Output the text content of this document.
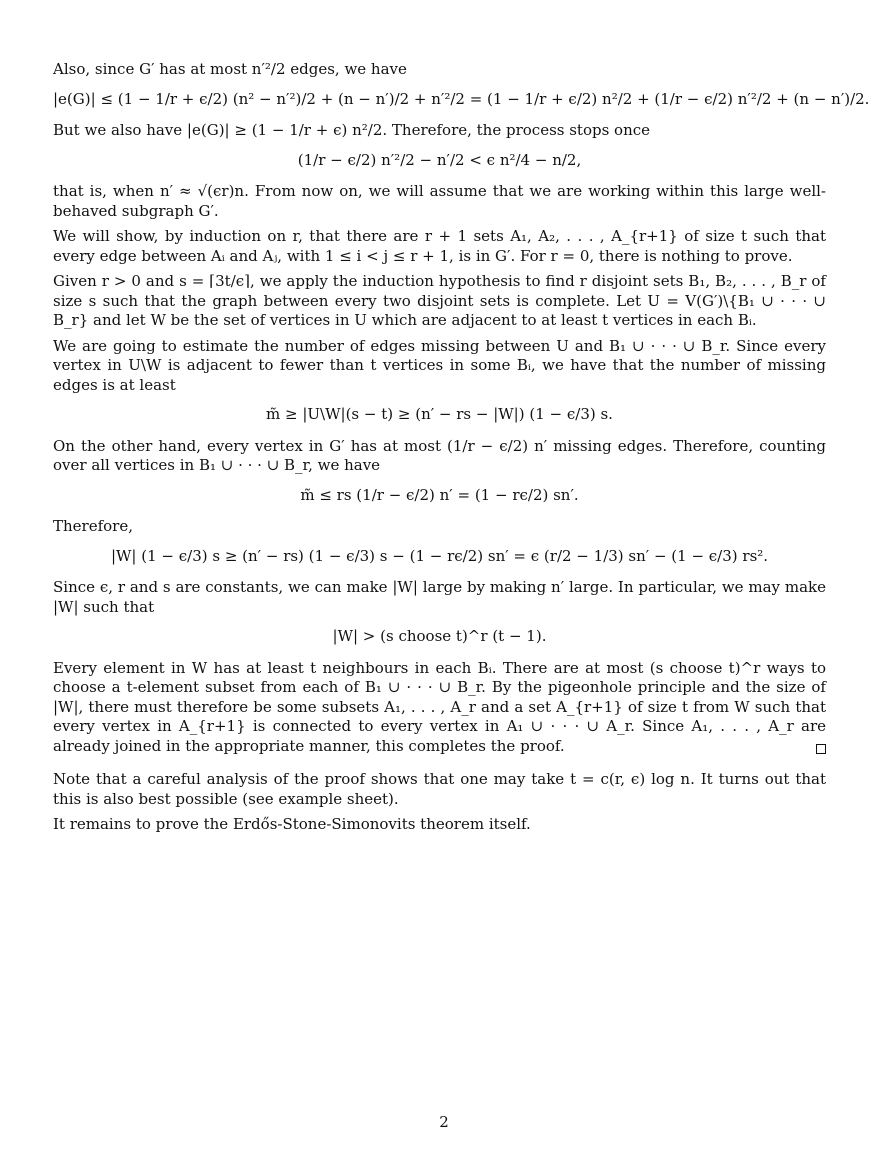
Also, since G′ has at most n′²/2 edges, we have

|e(G)| ≤ (1 − 1/r + ϵ/2) (n² − n′²)/2 + (n − n′)/2 + n′²/2 = (1 − 1/r + ϵ/2) n²/2 + (1/r − ϵ/2) n′²/2 + (n − n′)/2.

But we also have |e(G)| ≥ (1 − 1/r + ϵ) n²/2. Therefore, the process stops once

(1/r − ϵ/2) n′²/2 − n′/2 < ϵ n²/4 − n/2,

that is, when n′ ≈ √(ϵr)n. From now on, we will assume that we are working within this large well-behaved subgraph G′.

We will show, by induction on r, that there are r + 1 sets A₁, A₂, . . . , A_{r+1} of size t such that every edge between Aᵢ and Aⱼ, with 1 ≤ i < j ≤ r + 1, is in G′. For r = 0, there is nothing to prove.

Given r > 0 and s = ⌈3t/ϵ⌉, we apply the induction hypothesis to find r disjoint sets B₁, B₂, . . . , B_r of size s such that the graph between every two disjoint sets is complete. Let U = V(G′)\{B₁ ∪ · · · ∪ B_r} and let W be the set of vertices in U which are adjacent to at least t vertices in each Bᵢ.

We are going to estimate the number of edges missing between U and B₁ ∪ · · · ∪ B_r. Since every vertex in U\W is adjacent to fewer than t vertices in some Bᵢ, we have that the number of missing edges is at least

m̃ ≥ |U\W|(s − t) ≥ (n′ − rs − |W|) (1 − ϵ/3) s.

On the other hand, every vertex in G′ has at most (1/r − ϵ/2) n′ missing edges. Therefore, counting over all vertices in B₁ ∪ · · · ∪ B_r, we have

m̃ ≤ rs (1/r − ϵ/2) n′ = (1 − rϵ/2) sn′.

Therefore,

|W| (1 − ϵ/3) s ≥ (n′ − rs) (1 − ϵ/3) s − (1 − rϵ/2) sn′ = ϵ (r/2 − 1/3) sn′ − (1 − ϵ/3) rs².

Since ϵ, r and s are constants, we can make |W| large by making n′ large. In particular, we may make |W| such that

|W| > (s choose t)^r (t − 1).

Every element in W has at least t neighbours in each Bᵢ. There are at most (s choose t)^r ways to choose a t-element subset from each of B₁ ∪ · · · ∪ B_r. By the pigeonhole principle and the size of |W|, there must therefore be some subsets A₁, . . . , A_r and a set A_{r+1} of size t from W such that every vertex in A_{r+1} is connected to every vertex in A₁ ∪ · · · ∪ A_r. Since A₁, . . . , A_r are already joined in the appropriate manner, this completes the proof.

Note that a careful analysis of the proof shows that one may take t = c(r, ϵ) log n. It turns out that this is also best possible (see example sheet).

It remains to prove the Erdős-Stone-Simonovits theorem itself.

2
